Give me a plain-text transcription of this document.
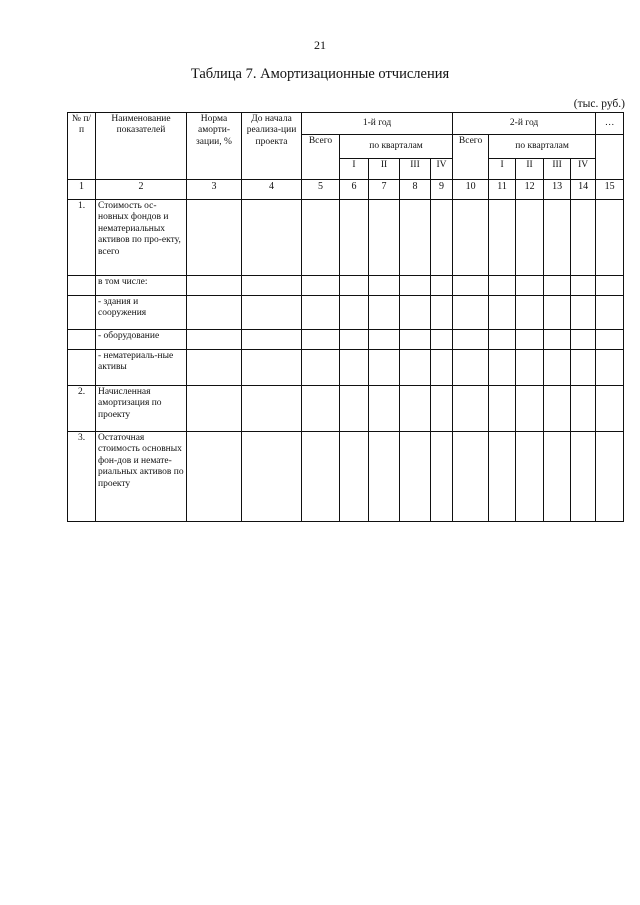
21
Таблица 7. Амортизационные отчисления
(тыс. руб.)
№ п/п	Наименование показателей	Норма аморти-зации, %	До начала реализа-ции проекта	1-й год					2-й год					…
				Всего	по кварталам				Всего	по кварталам				
					I	II	III	IV		I	II	III	IV	
1	2	3	4	5	6	7	8	9	10	11	12	13	14	15
1.	Стоимость ос-новных фондов и нематериальных активов по про-екту, всего													
	в том числе:													
	- здания и сооружения													
	- оборудование													
	- нематериаль-ные активы													
2.	Начисленная амортизация по проекту													
3.	Остаточная стоимость основных фон-дов и немате-риальных активов по проекту													
